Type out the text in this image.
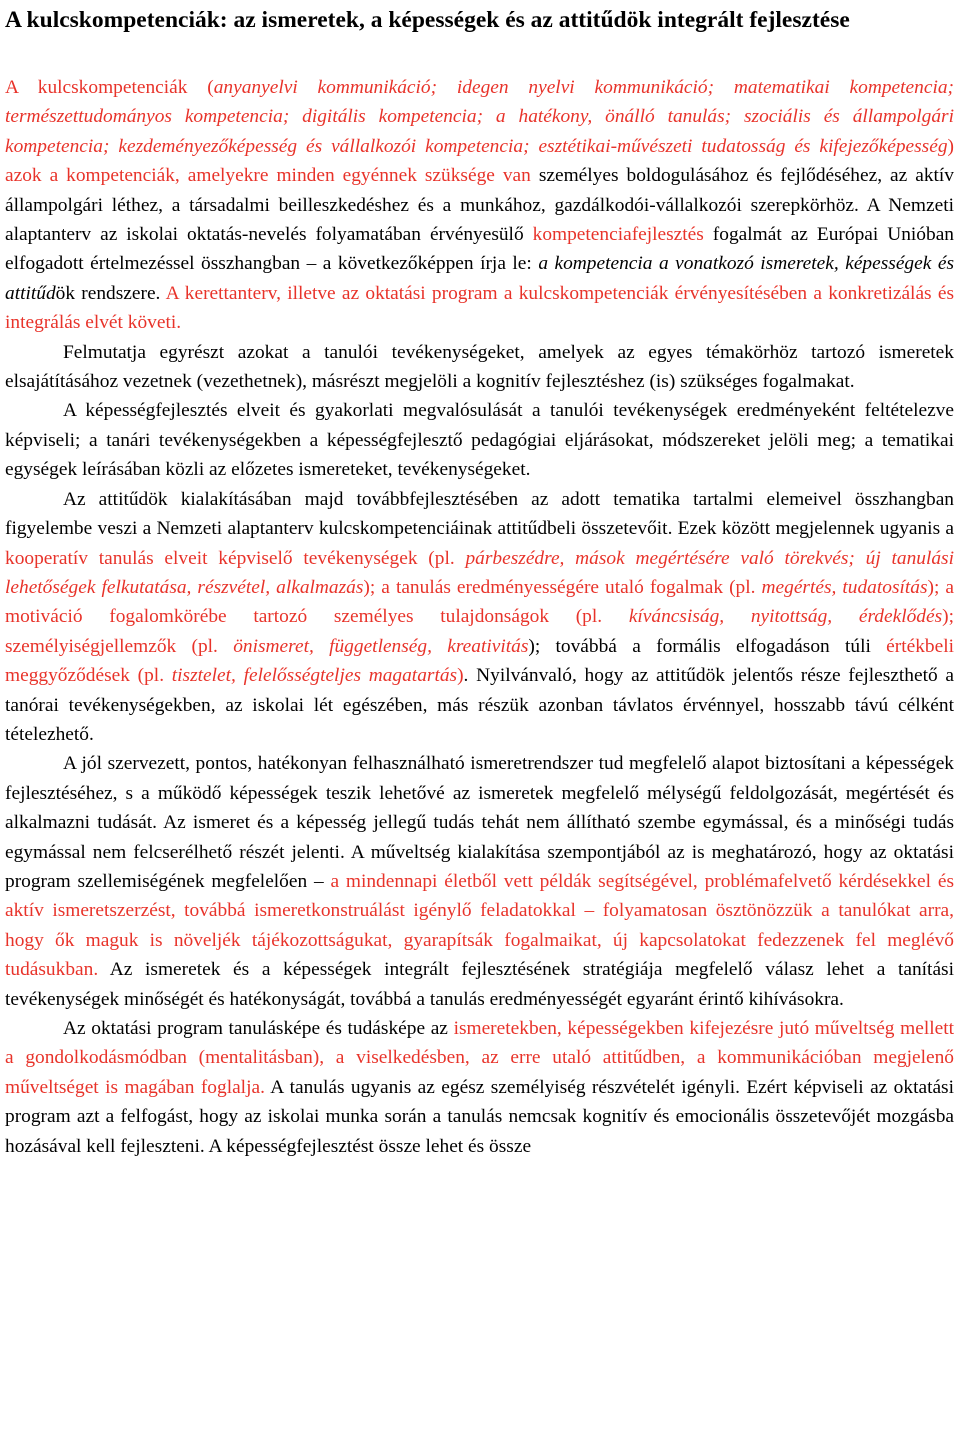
A kulcskompetenciák: az ismeretek, a képességek és az attitűdök integrált fejlesztése

A kulcskompetenciák (anyanyelvi kommunikáció; idegen nyelvi kommunikáció; matematikai kompetencia; természettudományos kompetencia; digitális kompetencia; a hatékony, önálló tanulás; szociális és állampolgári kompetencia; kezdeményezőképesség és vállalkozói kompetencia; esztétikai-művészeti tudatosság és kifejezőképesség) azok a kompetenciák, amelyekre minden egyénnek szüksége van személyes boldogulásához és fejlődéséhez, az aktív állampolgári léthez, a társadalmi beilleszkedéshez és a munkához, gazdálkodói-vállalkozói szerepkörhöz. A Nemzeti alaptanterv az iskolai oktatás-nevelés folyamatában érvényesülő kompetenciafejlesztés fogalmát az Európai Unióban elfogadott értelmezéssel összhangban – a következőképpen írja le: a kompetencia a vonatkozó ismeretek, képességek és attitűdök rendszere. A kerettanterv, illetve az oktatási program a kulcskompetenciák érvényesítésében a konkretizálás és integrálás elvét követi.

Felmutatja egyrészt azokat a tanulói tevékenységeket, amelyek az egyes témakörhöz tartozó ismeretek elsajátításához vezetnek (vezethetnek), másrészt megjelöli a kognitív fejlesztéshez (is) szükséges fogalmakat.

A képességfejlesztés elveit és gyakorlati megvalósulását a tanulói tevékenységek eredményeként feltételezve képviseli; a tanári tevékenységekben a képességfejlesztő pedagógiai eljárásokat, módszereket jelöli meg; a tematikai egységek leírásában közli az előzetes ismereteket, tevékenységeket.

Az attitűdök kialakításában majd továbbfejlesztésében az adott tematika tartalmi elemeivel összhangban figyelembe veszi a Nemzeti alaptanterv kulcskompetenciáinak attitűdbeli összetevőit. Ezek között megjelennek ugyanis a kooperatív tanulás elveit képviselő tevékenységek (pl. párbeszédre, mások megértésére való törekvés; új tanulási lehetőségek felkutatása, részvétel, alkalmazás); a tanulás eredményességére utaló fogalmak (pl. megértés, tudatosítás); a motiváció fogalomkörébe tartozó személyes tulajdonságok (pl. kíváncsiság, nyitottság, érdeklődés); személyiségjellemzők (pl. önismeret, függetlenség, kreativitás); továbbá a formális elfogadáson túli értékbeli meggyőződések (pl. tisztelet, felelősségteljes magatartás). Nyilvánvaló, hogy az attitűdök jelentős része fejleszthető a tanórai tevékenységekben, az iskolai lét egészében, más részük azonban távlatos érvénnyel, hosszabb távú célként tételezhető.

A jól szervezett, pontos, hatékonyan felhasználható ismeretrendszer tud megfelelő alapot biztosítani a képességek fejlesztéséhez, s a működő képességek teszik lehetővé az ismeretek megfelelő mélységű feldolgozását, megértését és alkalmazni tudását. Az ismeret és a képesség jellegű tudás tehát nem állítható szembe egymással, és a minőségi tudás egymással nem felcserélhető részét jelenti. A műveltség kialakítása szempontjából az is meghatározó, hogy az oktatási program szellemiségének megfelelően – a mindennapi életből vett példák segítségével, problémafelvető kérdésekkel és aktív ismeretszerzést, továbbá ismeretkonstruálást igénylő feladatokkal – folyamatosan ösztönözzük a tanulókat arra, hogy ők maguk is növeljék tájékozottságukat, gyarapítsák fogalmaikat, új kapcsolatokat fedezzenek fel meglévő tudásukban. Az ismeretek és a képességek integrált fejlesztésének stratégiája megfelelő válasz lehet a tanítási tevékenységek minőségét és hatékonyságát, továbbá a tanulás eredményességét egyaránt érintő kihívásokra.

Az oktatási program tanulásképe és tudásképe az ismeretekben, képességekben kifejezésre jutó műveltség mellett a gondolkodásmódban (mentalitásban), a viselkedésben, az erre utaló attitűdben, a kommunikációban megjelenő műveltséget is magában foglalja. A tanulás ugyanis az egész személyiség részvételét igényli. Ezért képviseli az oktatási program azt a felfogást, hogy az iskolai munka során a tanulás nemcsak kognitív és emocionális összetevőjét mozgásba hozásával kell fejleszteni. A képességfejlesztést össze lehet és össze
